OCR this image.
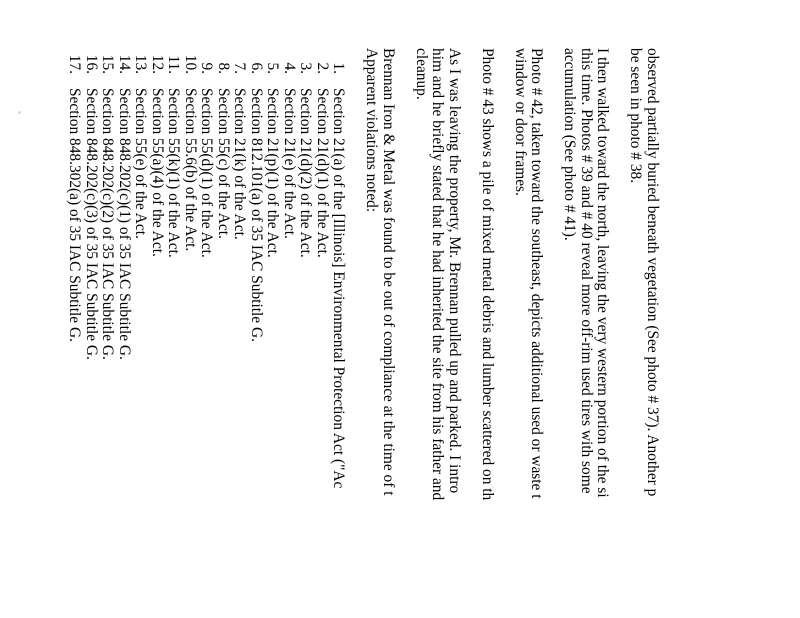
observed partially buried beneath vegetation (See photo # 37). Another p
be seen in photo # 38.
I then walked toward the north, leaving the very western portion of the si
this time. Photos # 39 and # 40 reveal more off-rim used tires with some
accumulation (See photo # 41).
Photo # 42, taken toward the southeast, depicts additional used or waste t
window or door frames.
Photo # 43 shows a pile of mixed metal debris and lumber scattered on th
As I was leaving the property, Mr. Brennan pulled up and parked. I intro
him and he briefly stated that he had inherited the site from his father and
cleanup.
Brennan Iron & Metal was found to be out of compliance at the time of t
Apparent violations noted:
1.Section 21(a) of the [Illinois] Environmental Protection Act ("Ac
2.Section 21(d)(1) of the Act.
3.Section 21(d)(2) of the Act.
4.Section 21(e) of the Act.
5.Section 21(p)(1) of the Act.
6.Section 812.101(a) of 35 IAC Subtitle G.
7.Section 21(k) of the Act.
8.Section 55(c) of the Act.
9.Section 55(d)(1) of the Act.
10.Section 55.6(b) of the Act.
11.Section 55(k)(1) of the Act.
12.Section 55(a)(4) of the Act.
13.Section 55(e) of the Act.
14.Section 848.202(c)(1) of 35 IAC Subtitle G.
15.Section 848.202(c)(2) of 35 IAC Subtitle G.
16.Section 848.202(c)(3) of 35 IAC Subtitle G.
17.Section 848.302(a) of 35 IAC Subtitle G.
